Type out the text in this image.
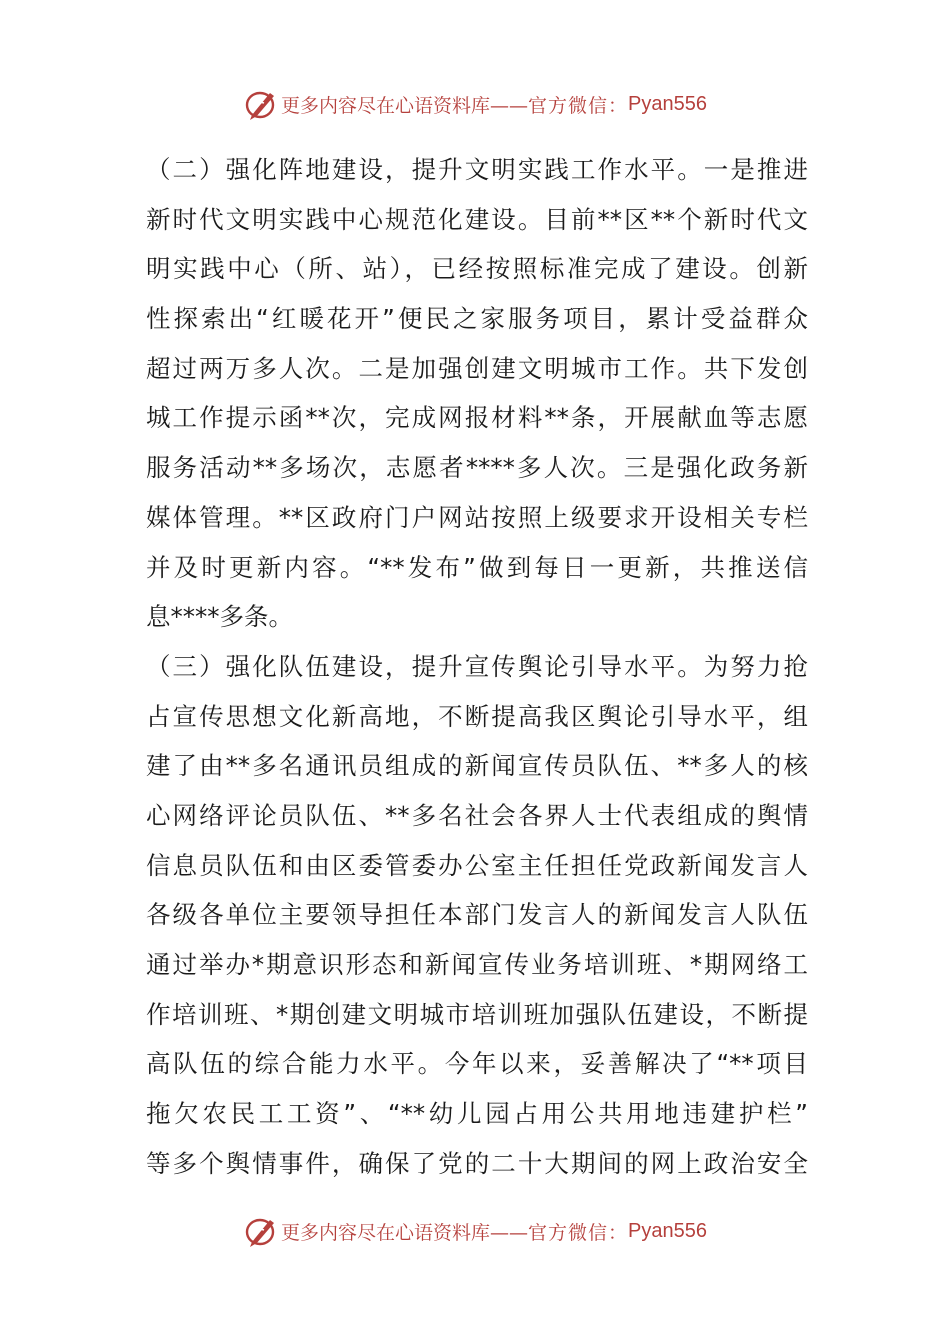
更多内容尽在心语资料库—— 官方微信： Pyan556
（二）强化阵地建设，提升文明实践工作水平。一是推进
新时代文明实践中心规范化建设。目前**区**个新时代文
明实践中心（所、站），已经按照标准完成了建设。创新
性探索出“红暖花开”便民之家服务项目，累计受益群众
超过两万多人次。二是加强创建文明城市工作。共下发创
城工作提示函**次，完成网报材料**条，开展献血等志愿
服务活动**多场次，志愿者****多人次。三是强化政务新
媒体管理。**区政府门户网站按照上级要求开设相关专栏
并及时更新内容。“**发布”做到每日一更新，共推送信
息****多条。
（三）强化队伍建设，提升宣传舆论引导水平。为努力抢
占宣传思想文化新高地，不断提高我区舆论引导水平，组
建了由**多名通讯员组成的新闻宣传员队伍、**多人的核
心网络评论员队伍、**多名社会各界人士代表组成的舆情
信息员队伍和由区委管委办公室主任担任党政新闻发言人
各级各单位主要领导担任本部门发言人的新闻发言人队伍
通过举办*期意识形态和新闻宣传业务培训班、*期网络工
作培训班、*期创建文明城市培训班加强队伍建设，不断提
高队伍的综合能力水平。今年以来，妥善解决了“**项目
拖欠农民工工资”、“**幼儿园占用公共用地违建护栏”
等多个舆情事件，确保了党的二十大期间的网上政治安全
更多内容尽在心语资料库—— 官方微信： Pyan556
